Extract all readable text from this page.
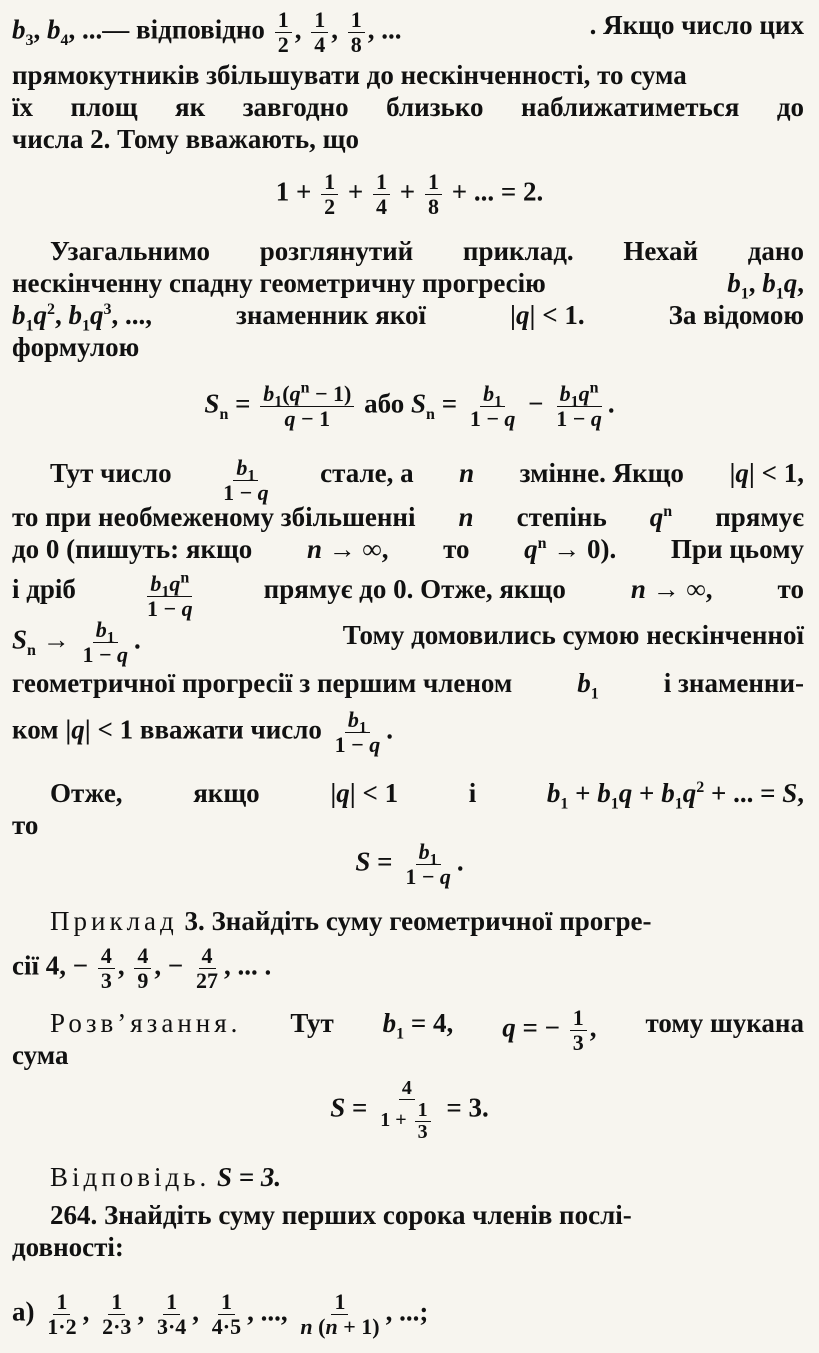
$b_3$, $b_4$, ...— відповідно $\frac{1}{2}$ , $\frac{1}{4}$ , $\frac{1}{8}$ , ...	. Якщо число цих
прямокутників збільшувати до нескінченності, то сума
їх площ як завгодно близько наближатиметься до
числа 2. Тому вважають, що
$1 + \frac{1}{2} + \frac{1}{4} + \frac{1}{8}$ + ... = 2.
Узагальнимо розглянутий приклад. Нехай дано
нескінченну спадну геометричну прогресію	$b_1$, $b_1q$,
$b_1q^2$, $b_1q^3$, ...,	знаменник якої	|q| < 1.	За відомою
формулою
$S_n = \frac{b_1(q^n - 1)}{q - 1}$ або $S_n = \frac{b_1}{1 - q} - \frac{b_1q^n}{1 - q}$ .
Тут число $\frac{b_1}{1 - q}$ стале, а n змінне. Якщо |q| < 1,
то при необмеженому збільшенні n степінь $q^n$ прямує
до 0 (пишуть: якщо n → ∞, то $q^n \to 0$). При цьому
і дріб	$\frac{b_1q^n}{1 - q}$	прямує до 0. Отже, якщо n → ∞, то
$S_n \to \frac{b_1}{1 - q}$ .	Тому домовились сумою нескінченної
геометричної прогресії з першим членом $b_1$ і знаменни-
ком |q| < 1 вважати число $\frac{b_1}{1 - q}$ .
Отже,	якщо	|q| < 1	і	$b_1 + b_1q + b_1q^2$ + ... = S,
то
$S = \frac{b_1}{1 - q}$ .
Приклад 3. Знайдіть суму геометричної прогре-
сії 4, − $\frac{4}{3}$ , $\frac{4}{9}$ , − $\frac{4}{27}$ , ... .
Розв’язання. Тут $b_1 = 4$, q = − $\frac{1}{3}$ , тому шукана
сума
$S = \frac{4}{1 + \frac{1}{3}} = 3$.
Відповідь. S = 3.
264. Знайдіть суму перших сорока членів послі-
довності:
$а) \frac{1}{1\cdot 2}$ , $\frac{1}{2\cdot 3}$ , $\frac{1}{3\cdot 4}$ , $\frac{1}{4\cdot 5}$ , ..., $\frac{1}{n (n + 1)}$ , ...;
